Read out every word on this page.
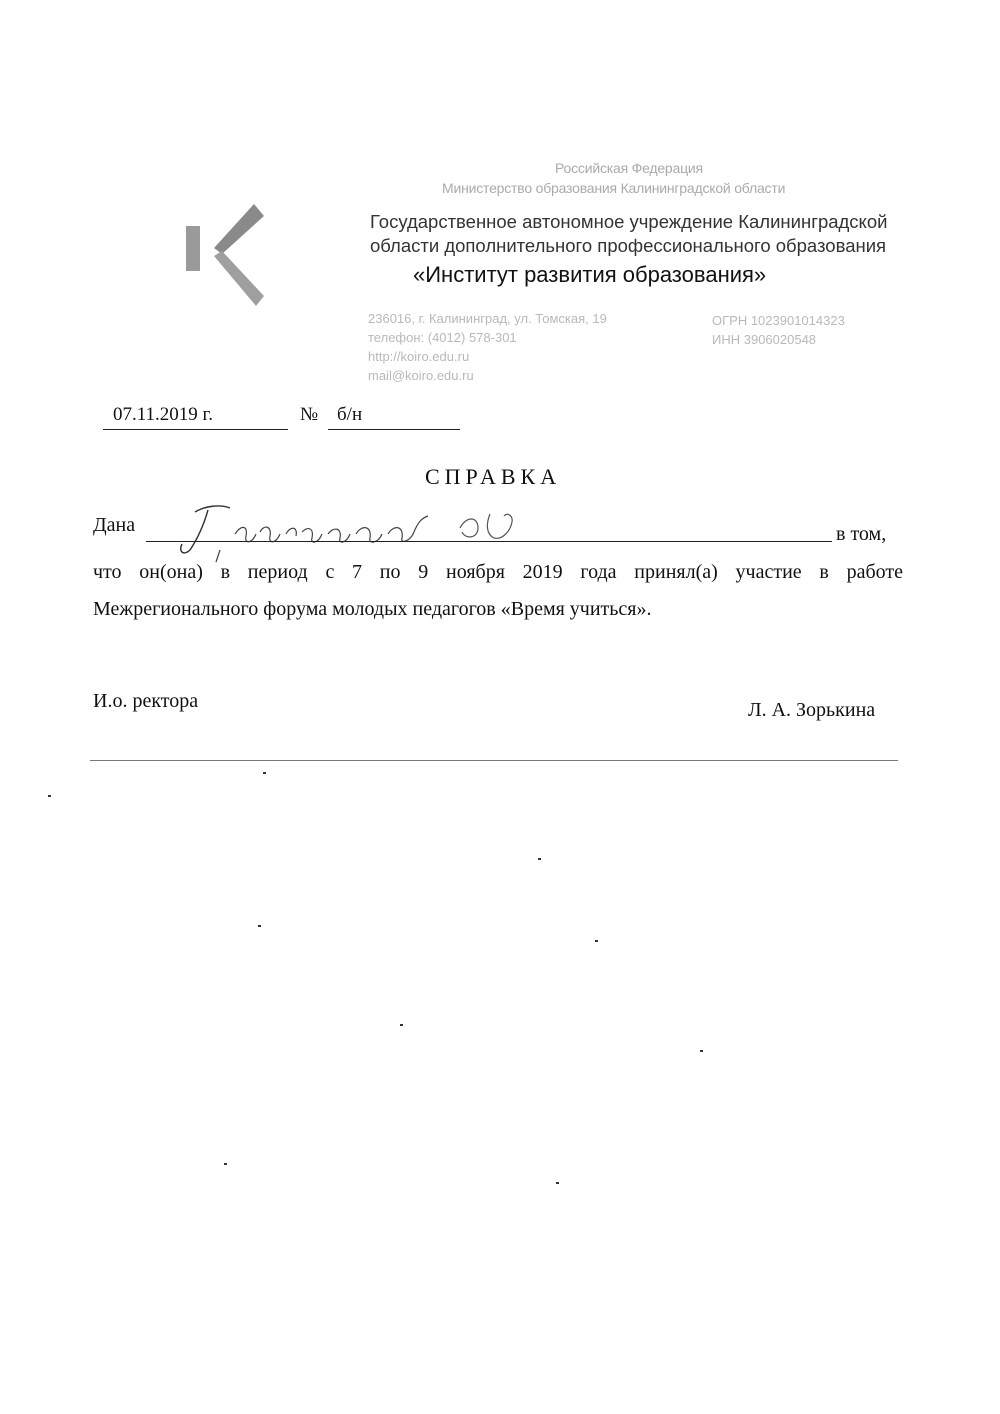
Российская Федерация
Министерство образования Калининградской области
Государственное автономное учреждение Калининградской
области дополнительного профессионального образования
«Институт развития образования»
236016, г. Калининград, ул. Томская, 19
телефон: (4012) 578-301
http://koiro.edu.ru
mail@koiro.edu.ru
ОГРН 1023901014323
ИНН 3906020548
07.11.2019 г.	№ б/н
СПРАВКА
Дана	в том,
что он(она) в период с 7 по 9 ноября 2019 года принял(а) участие в работе
Межрегионального форума молодых педагогов «Время учиться».
И.о. ректора	Л. А. Зорькина
